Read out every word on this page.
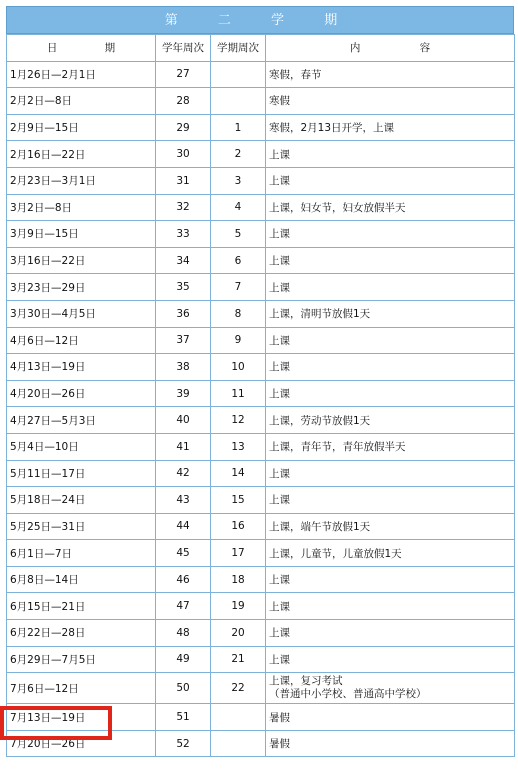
第 二 学 期
日 期	学年周次	学期周次	内 容
1月26日—2月1日	27		寒假，春节
2月2日—8日	28		寒假
2月9日—15日	29	1	寒假，2月13日开学，上课
2月16日—22日	30	2	上课
2月23日—3月1日	31	3	上课
3月2日—8日	32	4	上课，妇女节，妇女放假半天
3月9日—15日	33	5	上课
3月16日—22日	34	6	上课
3月23日—29日	35	7	上课
3月30日—4月5日	36	8	上课，清明节放假1天
4月6日—12日	37	9	上课
4月13日—19日	38	10	上课
4月20日—26日	39	11	上课
4月27日—5月3日	40	12	上课，劳动节放假1天
5月4日—10日	41	13	上课，青年节，青年放假半天
5月11日—17日	42	14	上课
5月18日—24日	43	15	上课
5月25日—31日	44	16	上课，端午节放假1天
6月1日—7日	45	17	上课，儿童节，儿童放假1天
6月8日—14日	46	18	上课
6月15日—21日	47	19	上课
6月22日—28日	48	20	上课
6月29日—7月5日	49	21	上课
7月6日—12日	50	22	上课，复习考试
（普通中小学校、普通高中学校）

7月13日—19日	51		暑假
7月20日—26日	52		暑假
